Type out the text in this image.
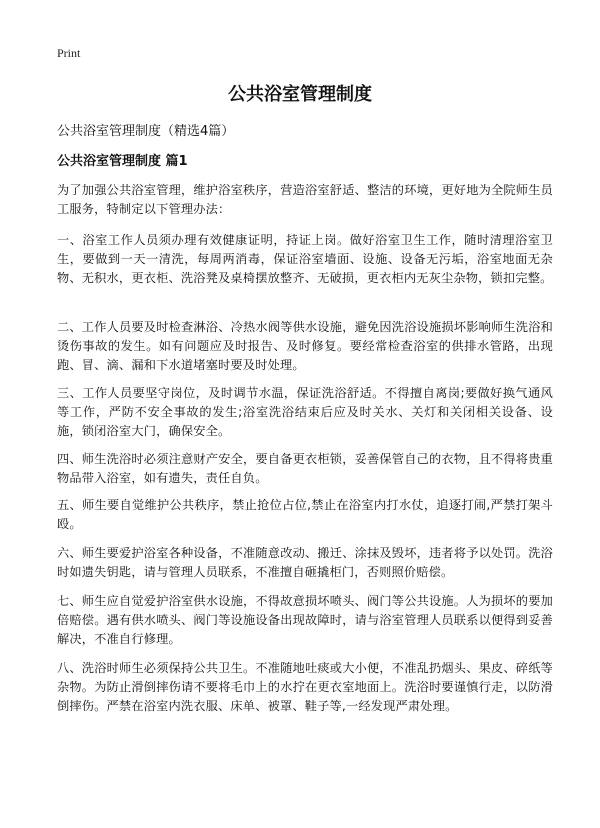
Print
公共浴室管理制度

公共浴室管理制度（精选4篇）

公共浴室管理制度 篇1

为了加强公共浴室管理，维护浴室秩序，营造浴室舒适、整洁的环境，更好地为全院师生员工服务，特制定以下管理办法：

一、浴室工作人员须办理有效健康证明，持证上岗。做好浴室卫生工作，随时清理浴室卫生，要做到一天一清洗，每周两消毒，保证浴室墙面、设施、设备无污垢，浴室地面无杂物、无积水，更衣柜、洗浴凳及桌椅摆放整齐、无破损，更衣柜内无灰尘杂物，锁扣完整。

二、工作人员要及时检查淋浴、冷热水阀等供水设施，避免因洗浴设施损坏影响师生洗浴和烫伤事故的发生。如有问题应及时报告、及时修复。要经常检查浴室的供排水管路，出现跑、冒、滴、漏和下水道堵塞时要及时处理。

三、工作人员要坚守岗位，及时调节水温，保证洗浴舒适。不得擅自离岗;要做好换气通风等工作，严防不安全事故的发生;浴室洗浴结束后应及时关水、关灯和关闭相关设备、设施，锁闭浴室大门，确保安全。

四、师生洗浴时必须注意财产安全，要自备更衣柜锁，妥善保管自己的衣物，且不得将贵重物品带入浴室，如有遗失，责任自负。

五、师生要自觉维护公共秩序，禁止抢位占位,禁止在浴室内打水仗，追逐打闹,严禁打架斗殴。

六、师生要爱护浴室各种设备，不准随意改动、搬迁、涂抹及毁坏，违者将予以处罚。洗浴时如遗失钥匙，请与管理人员联系，不准擅自砸撬柜门，否则照价赔偿。

七、师生应自觉爱护浴室供水设施，不得故意损坏喷头、阀门等公共设施。人为损坏的要加倍赔偿。遇有供水喷头、阀门等设施设备出现故障时，请与浴室管理人员联系以便得到妥善解决，不准自行修理。

八、洗浴时师生必须保持公共卫生。不准随地吐痰或大小便，不准乱扔烟头、果皮、碎纸等杂物。为防止滑倒摔伤请不要将毛巾上的水拧在更衣室地面上。洗浴时要谨慎行走，以防滑倒摔伤。严禁在浴室内洗衣服、床单、被罩、鞋子等,一经发现严肃处理。
